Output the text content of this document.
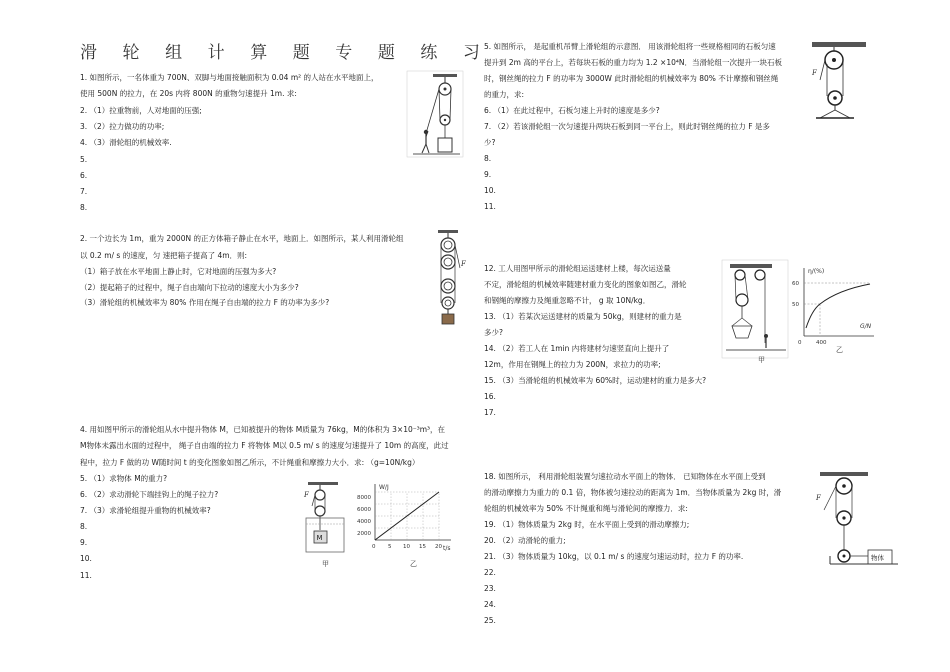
滑 轮 组 计 算 题 专 题 练 习
1. 如图所示，一名体重为 700N、双脚与地面接触面积为 0.04 m² 的人站在水平地面上，
使用 500N 的拉力，在 20s 内将 800N 的重物匀速提升 1m. 求:
2. （1）拉重物前，人对地面的压强;
3. （2）拉力做功的功率;
4. （3）滑轮组的机械效率.
5.
6.
7.
8.
2. 一个边长为 1m，重为 2000N 的正方体箱子静止在水平，地面上．如图所示，某人利用滑轮组
以 0.2 m/ s 的速度，匀 速把箱子提高了 4m．则:
（1）箱子放在水平地面上静止时，它对地面的压强为多大?
（2）提起箱子的过程中，绳子自由端向下拉动的速度大小为多少?
（3）滑轮组的机械效率为 80% 作用在绳子自由端的拉力 F 的功率为多少?
F
4. 用如图甲所示的滑轮组从水中提升物体 M，已知被提升的物体 M质量为 76kg，M的体积为 3×10⁻³m³，在
M物体未露出水面的过程中， 绳子自由端的拉力 F 将物体 M以 0.5 m/ s 的速度匀速提升了 10m 的高度，此过
程中，拉力 F 做的功 W随时间 t 的变化图象如图乙所示，不计绳重和摩擦力大小．求: （g=10N/kg）
5. （1）求物体 M的重力?
6. （2）求动滑轮下端挂钩上的绳子拉力?
7. （3）求滑轮组提升重物的机械效率?
8.
9.
10.
11.
F
M
甲
W/J
t/s
8000
6000
4000
2000
0 5 10 15 20
乙
5. 如图所示， 是起重机吊臂上滑轮组的示意图． 用该滑轮组将一些规格相同的石板匀速
提升到 2m 高的平台上，若每块石板的重力均为 1.2 ×10⁴N．当滑轮组一次提升一块石板
时，钢丝绳的拉力 F 的功率为 3000W 此时滑轮组的机械效率为 80% 不计摩擦和钢丝绳
的重力，求:
6. （1）在此过程中，石板匀速上升时的速度是多少?
7. （2）若该滑轮组一次匀速提升两块石板到同一平台上，则此时钢丝绳的拉力 F 是多
少?
8.
9.
10.
11.
F
12. 工人用图甲所示的滑轮组运送建材上楼，每次运送量
不定，滑轮组的机械效率随建材重力变化的图象如图乙，滑轮
和钢绳的摩擦力及绳重忽略不计， g 取 10N/kg．
13. （1）若某次运送建材的质量为 50kg，则建材的重力是
多少?
14. （2）若工人在 1min 内将建材匀速竖直向上提升了
12m，作用在钢绳上的拉力为 200N，求拉力的功率;
15. （3）当滑轮组的机械效率为 60%时，运动建材的重力是多大?
16.
17.
甲
η/(%)
G/N
60
50
0	400
乙
18. 如图所示， 利用滑轮组装置匀速拉动水平面上的物体． 已知物体在水平面上受到
的滑动摩擦力为重力的 0.1 倍，物体被匀速拉动的距离为 1m．当物体质量为 2kg 时，滑
轮组的机械效率为 50% 不计绳重和绳与滑轮间的摩擦力．求:
19. （1）物体质量为 2kg 时，在水平面上受到的滑动摩擦力;
20. （2）动滑轮的重力;
21. （3）物体质量为 10kg，以 0.1 m/ s 的速度匀速运动时，拉力 F 的功率.
22.
23.
24.
25.
F
物体
